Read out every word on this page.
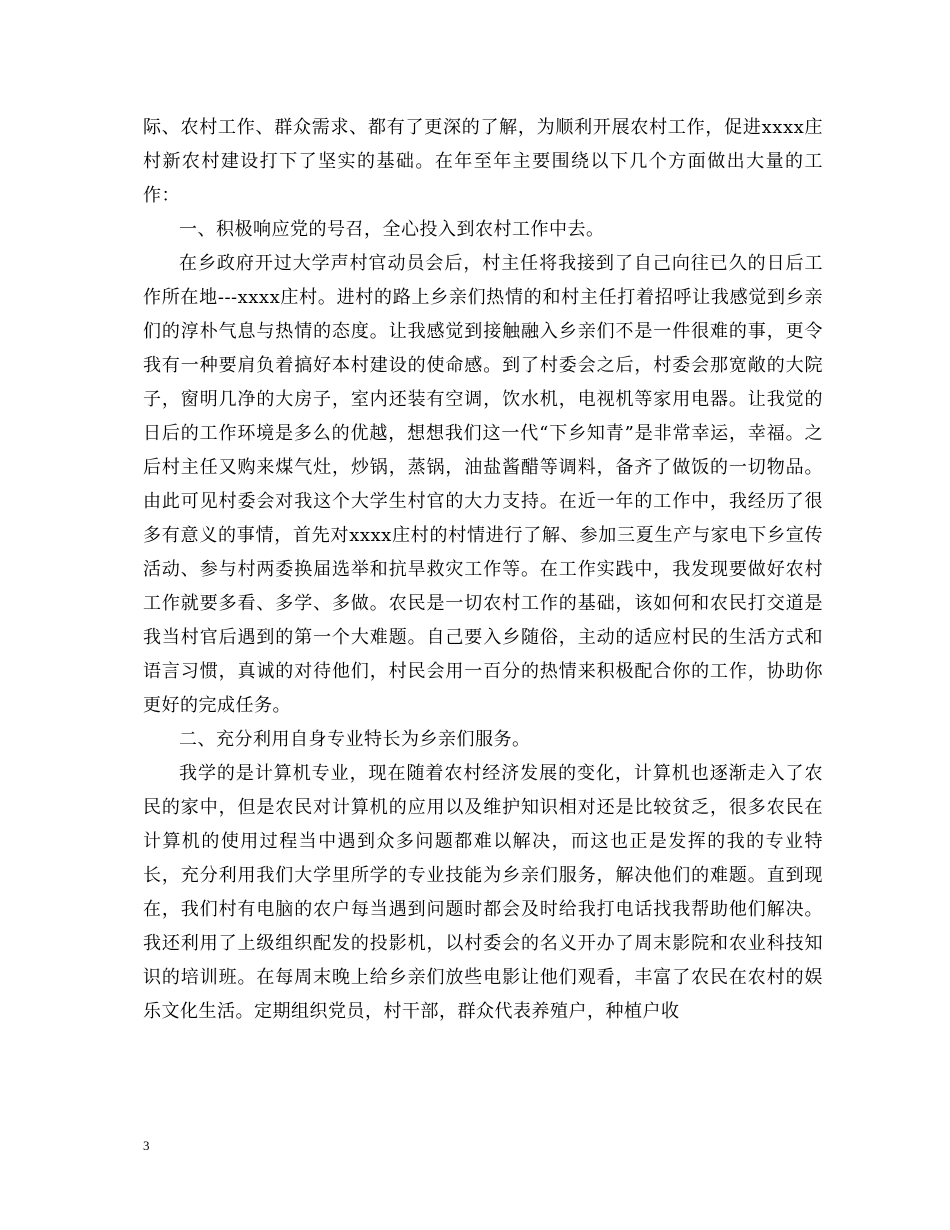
际、农村工作、群众需求、都有了更深的了解，为顺利开展农村工作，促进xxxx庄村新农村建设打下了坚实的基础。在年至年主要围绕以下几个方面做出大量的工作：

一、积极响应党的号召，全心投入到农村工作中去。

在乡政府开过大学声村官动员会后，村主任将我接到了自己向往已久的日后工作所在地---xxxx庄村。进村的路上乡亲们热情的和村主任打着招呼让我感觉到乡亲们的淳朴气息与热情的态度。让我感觉到接触融入乡亲们不是一件很难的事，更令我有一种要肩负着搞好本村建设的使命感。到了村委会之后，村委会那宽敞的大院子，窗明几净的大房子，室内还装有空调，饮水机，电视机等家用电器。让我觉的日后的工作环境是多么的优越，想想我们这一代“下乡知青”是非常幸运，幸福。之后村主任又购来煤气灶，炒锅，蒸锅，油盐酱醋等调料，备齐了做饭的一切物品。由此可见村委会对我这个大学生村官的大力支持。在近一年的工作中，我经历了很多有意义的事情，首先对xxxx庄村的村情进行了解、参加三夏生产与家电下乡宣传活动、参与村两委换届选举和抗旱救灾工作等。在工作实践中，我发现要做好农村工作就要多看、多学、多做。农民是一切农村工作的基础，该如何和农民打交道是我当村官后遇到的第一个大难题。自己要入乡随俗，主动的适应村民的生活方式和语言习惯，真诚的对待他们，村民会用一百分的热情来积极配合你的工作，协助你更好的完成任务。

二、充分利用自身专业特长为乡亲们服务。

我学的是计算机专业，现在随着农村经济发展的变化，计算机也逐渐走入了农民的家中，但是农民对计算机的应用以及维护知识相对还是比较贫乏，很多农民在计算机的使用过程当中遇到众多问题都难以解决，而这也正是发挥的我的专业特长，充分利用我们大学里所学的专业技能为乡亲们服务，解决他们的难题。直到现在，我们村有电脑的农户每当遇到问题时都会及时给我打电话找我帮助他们解决。我还利用了上级组织配发的投影机，以村委会的名义开办了周末影院和农业科技知识的培训班。在每周末晚上给乡亲们放些电影让他们观看，丰富了农民在农村的娱乐文化生活。定期组织党员，村干部，群众代表养殖户，种植户收

3
